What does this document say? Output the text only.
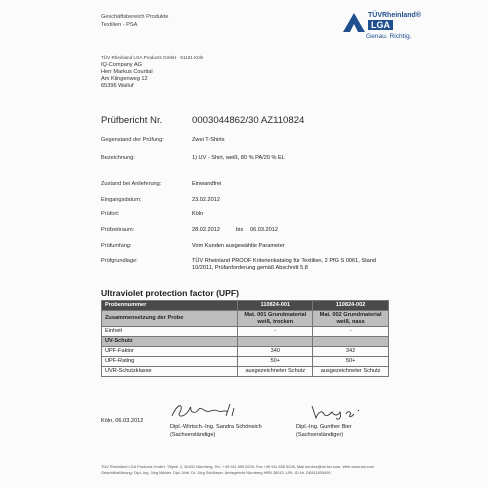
Geschäftsbereich Produkte
Textilien - PSA
TÜVRheinland®
LGA
Genau. Richtig.
TÜV Rheinland LGA Products GmbH · 51101 Köln
IQ-Company AG
Herr Markus Courtial
Am Klingenweg 12
65396 Walluf
Prüfbericht Nr.	0003044862/30 AZ110824
Gegenstand der Prüfung:	Zwei T-Shirts
Bezeichnung:	1) UV - Shirt, weiß, 80 % PA/20 % EL
Zustand bei Anlieferung:	Einwandfrei
Eingangsdatum:	23.02.2012
Prüfort:	Köln
Prüfzeitraum:	28.02.2012	bis 06.03.2012
Prüfumfang:	Vom Kunden ausgewählte Parameter
Prüfgrundlage:	TÜV Rheinland PROOF Kriterienkatalog für Textilien, 2 PfG S 0061, Stand 10/2011, Prüfanforderung gemäß Abschnitt 5.8
Ultraviolet protection factor (UPF)
Probennummer	110824-001	110824-002
Zusammensetzung der Probe	Mat. 001 Grundmaterial weiß, trocken	Mat. 002 Grundmaterial weiß, nass
Einheit	-	-
UV-Schutz		
UPF-Faktor	340	342
UPF-Rating	50+	50+
UVR-Schutzklasse	ausgezeichneter Schutz	ausgezeichneter Schutz
Köln, 06.03.2012
Dipl.-Wirtsch.-Ing. Sandra Schöneich
(Sachverständige)
Dipl.-Ing. Gunther Bier
(Sachverständiger)
TÜV Rheinland LGA Products GmbH, Tillystr. 2, 90431 Nürnberg, Tel.: +49 911 655 5225, Fax +49 911 655 5226, Mail service@de.tuv.com, Web www.tuv.com
Geschäftsführung: Dipl.-Ing. Jörg Mähler, Dipl.-Wirt. Dr. Jörg Schlösser. Amtsgericht Nürnberg HRB 28013, USt.-ID-Nr. DE811835490
